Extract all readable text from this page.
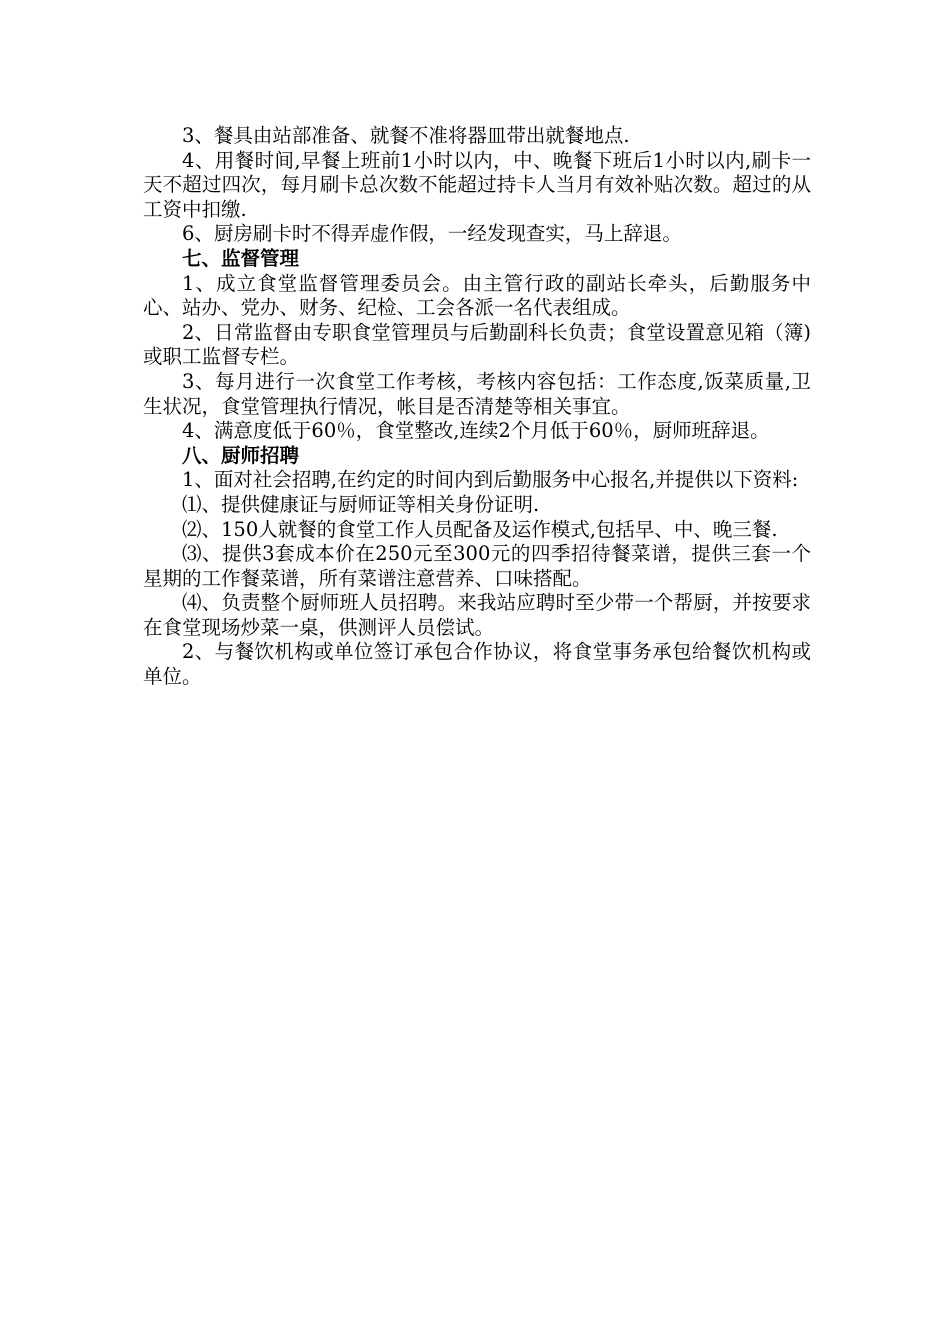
3、餐具由站部准备、就餐不准将器皿带出就餐地点.

4、用餐时间,早餐上班前1小时以内，中、晚餐下班后1小时以内,刷卡一天不超过四次，每月刷卡总次数不能超过持卡人当月有效补贴次数。超过的从工资中扣缴.

6、厨房刷卡时不得弄虚作假，一经发现查实，马上辞退。

七、监督管理

1、成立食堂监督管理委员会。由主管行政的副站长牵头，后勤服务中心、站办、党办、财务、纪检、工会各派一名代表组成。

2、日常监督由专职食堂管理员与后勤副科长负责；食堂设置意见箱（簿)或职工监督专栏。

3、每月进行一次食堂工作考核，考核内容包括：工作态度,饭菜质量,卫生状况，食堂管理执行情况，帐目是否清楚等相关事宜。

4、满意度低于60％，食堂整改,连续2个月低于60％，厨师班辞退。

八、厨师招聘

1、面对社会招聘,在约定的时间内到后勤服务中心报名,并提供以下资料:

⑴、提供健康证与厨师证等相关身份证明.

⑵、150人就餐的食堂工作人员配备及运作模式,包括早、中、晚三餐.

⑶、提供3套成本价在250元至300元的四季招待餐菜谱，提供三套一个星期的工作餐菜谱，所有菜谱注意营养、口味搭配。

⑷、负责整个厨师班人员招聘。来我站应聘时至少带一个帮厨，并按要求在食堂现场炒菜一桌，供测评人员偿试。

2、与餐饮机构或单位签订承包合作协议，将食堂事务承包给餐饮机构或单位。
